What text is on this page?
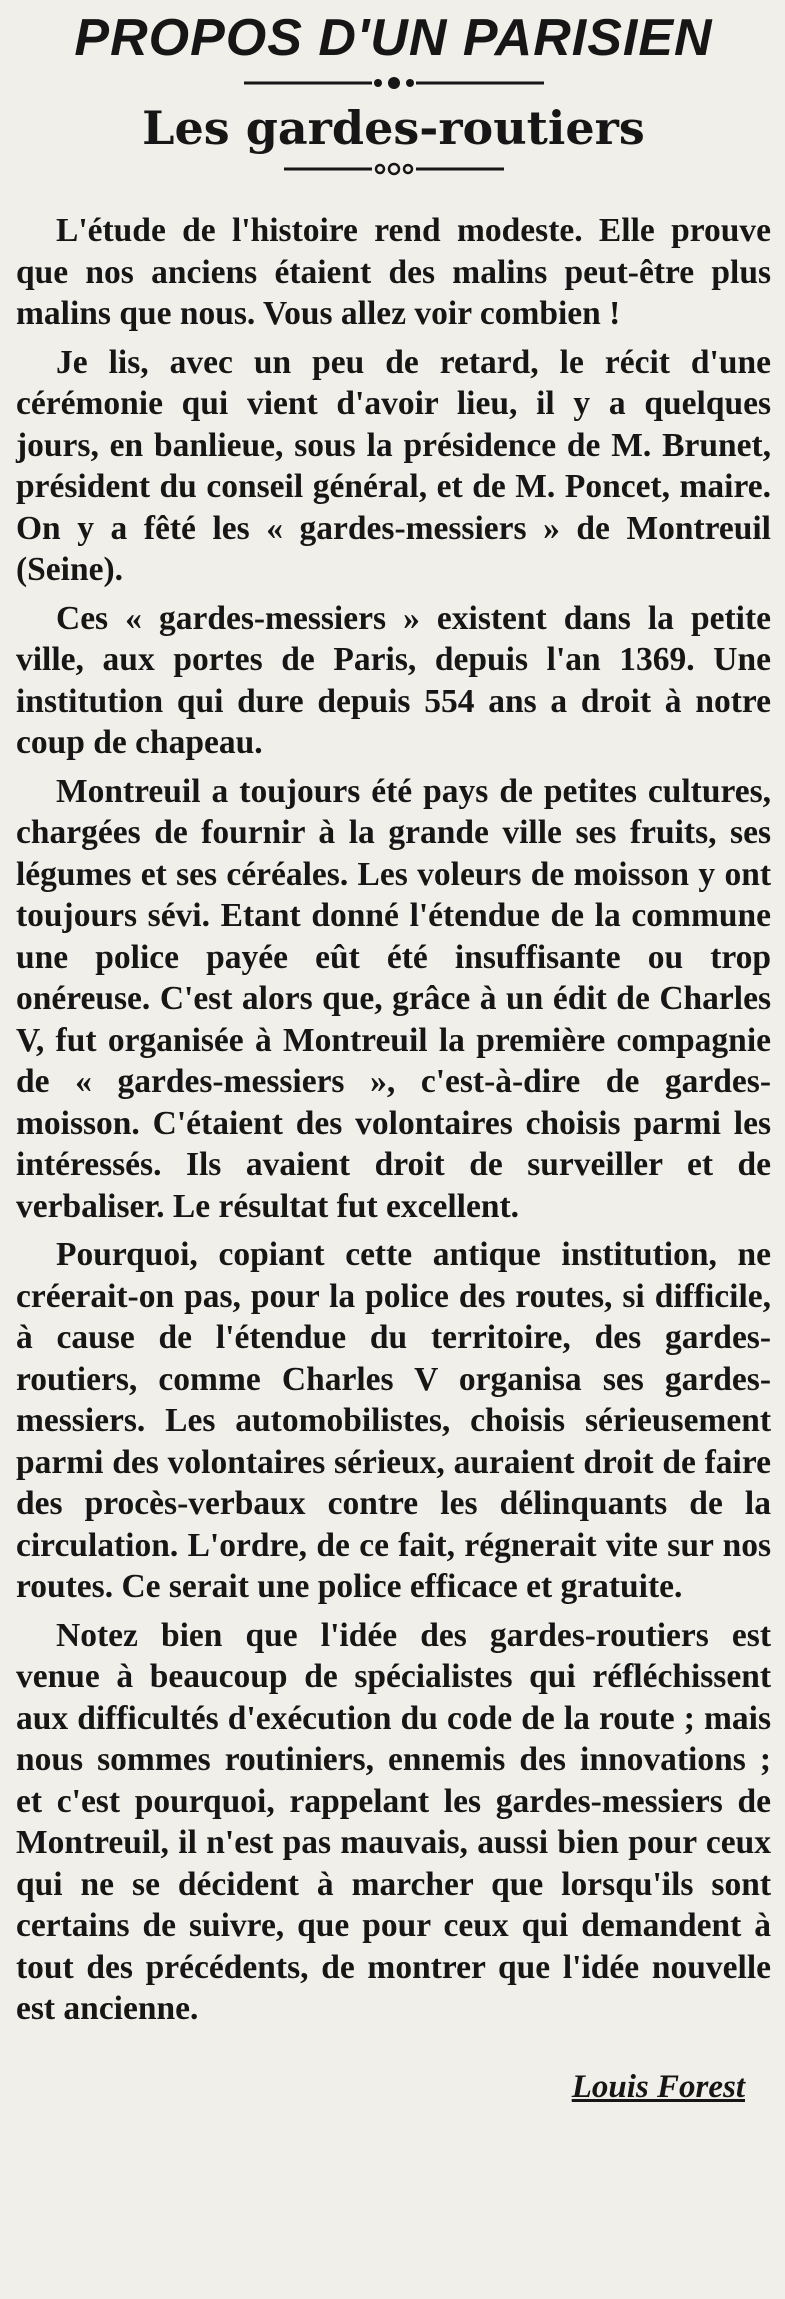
PROPOS D'UN PARISIEN
Les gardes-routiers

L'étude de l'histoire rend modeste. Elle prouve que nos anciens étaient des malins peut-être plus malins que nous. Vous allez voir combien !

Je lis, avec un peu de retard, le récit d'une cérémonie qui vient d'avoir lieu, il y a quelques jours, en banlieue, sous la présidence de M. Brunet, président du conseil général, et de M. Poncet, maire. On y a fêté les « gardes-messiers » de Montreuil (Seine).

Ces « gardes-messiers » existent dans la petite ville, aux portes de Paris, depuis l'an 1369. Une institution qui dure depuis 554 ans a droit à notre coup de chapeau.

Montreuil a toujours été pays de petites cultures, chargées de fournir à la grande ville ses fruits, ses légumes et ses céréales. Les voleurs de moisson y ont toujours sévi. Etant donné l'étendue de la commune une police payée eût été insuffisante ou trop onéreuse. C'est alors que, grâce à un édit de Charles V, fut organisée à Montreuil la première compagnie de « gardes-messiers », c'est-à-dire de gardes-moisson. C'étaient des volontaires choisis parmi les intéressés. Ils avaient droit de surveiller et de verbaliser. Le résultat fut excellent.

Pourquoi, copiant cette antique institution, ne créerait-on pas, pour la police des routes, si difficile, à cause de l'étendue du territoire, des gardes-routiers, comme Charles V organisa ses gardes-messiers. Les automobilistes, choisis sérieusement parmi des volontaires sérieux, auraient droit de faire des procès-verbaux contre les délinquants de la circulation. L'ordre, de ce fait, régnerait vite sur nos routes. Ce serait une police efficace et gratuite.

Notez bien que l'idée des gardes-routiers est venue à beaucoup de spécialistes qui réfléchissent aux difficultés d'exécution du code de la route ; mais nous sommes routiniers, ennemis des innovations ; et c'est pourquoi, rappelant les gardes-messiers de Montreuil, il n'est pas mauvais, aussi bien pour ceux qui ne se décident à marcher que lorsqu'ils sont certains de suivre, que pour ceux qui demandent à tout des précédents, de montrer que l'idée nouvelle est ancienne.

Louis Forest
